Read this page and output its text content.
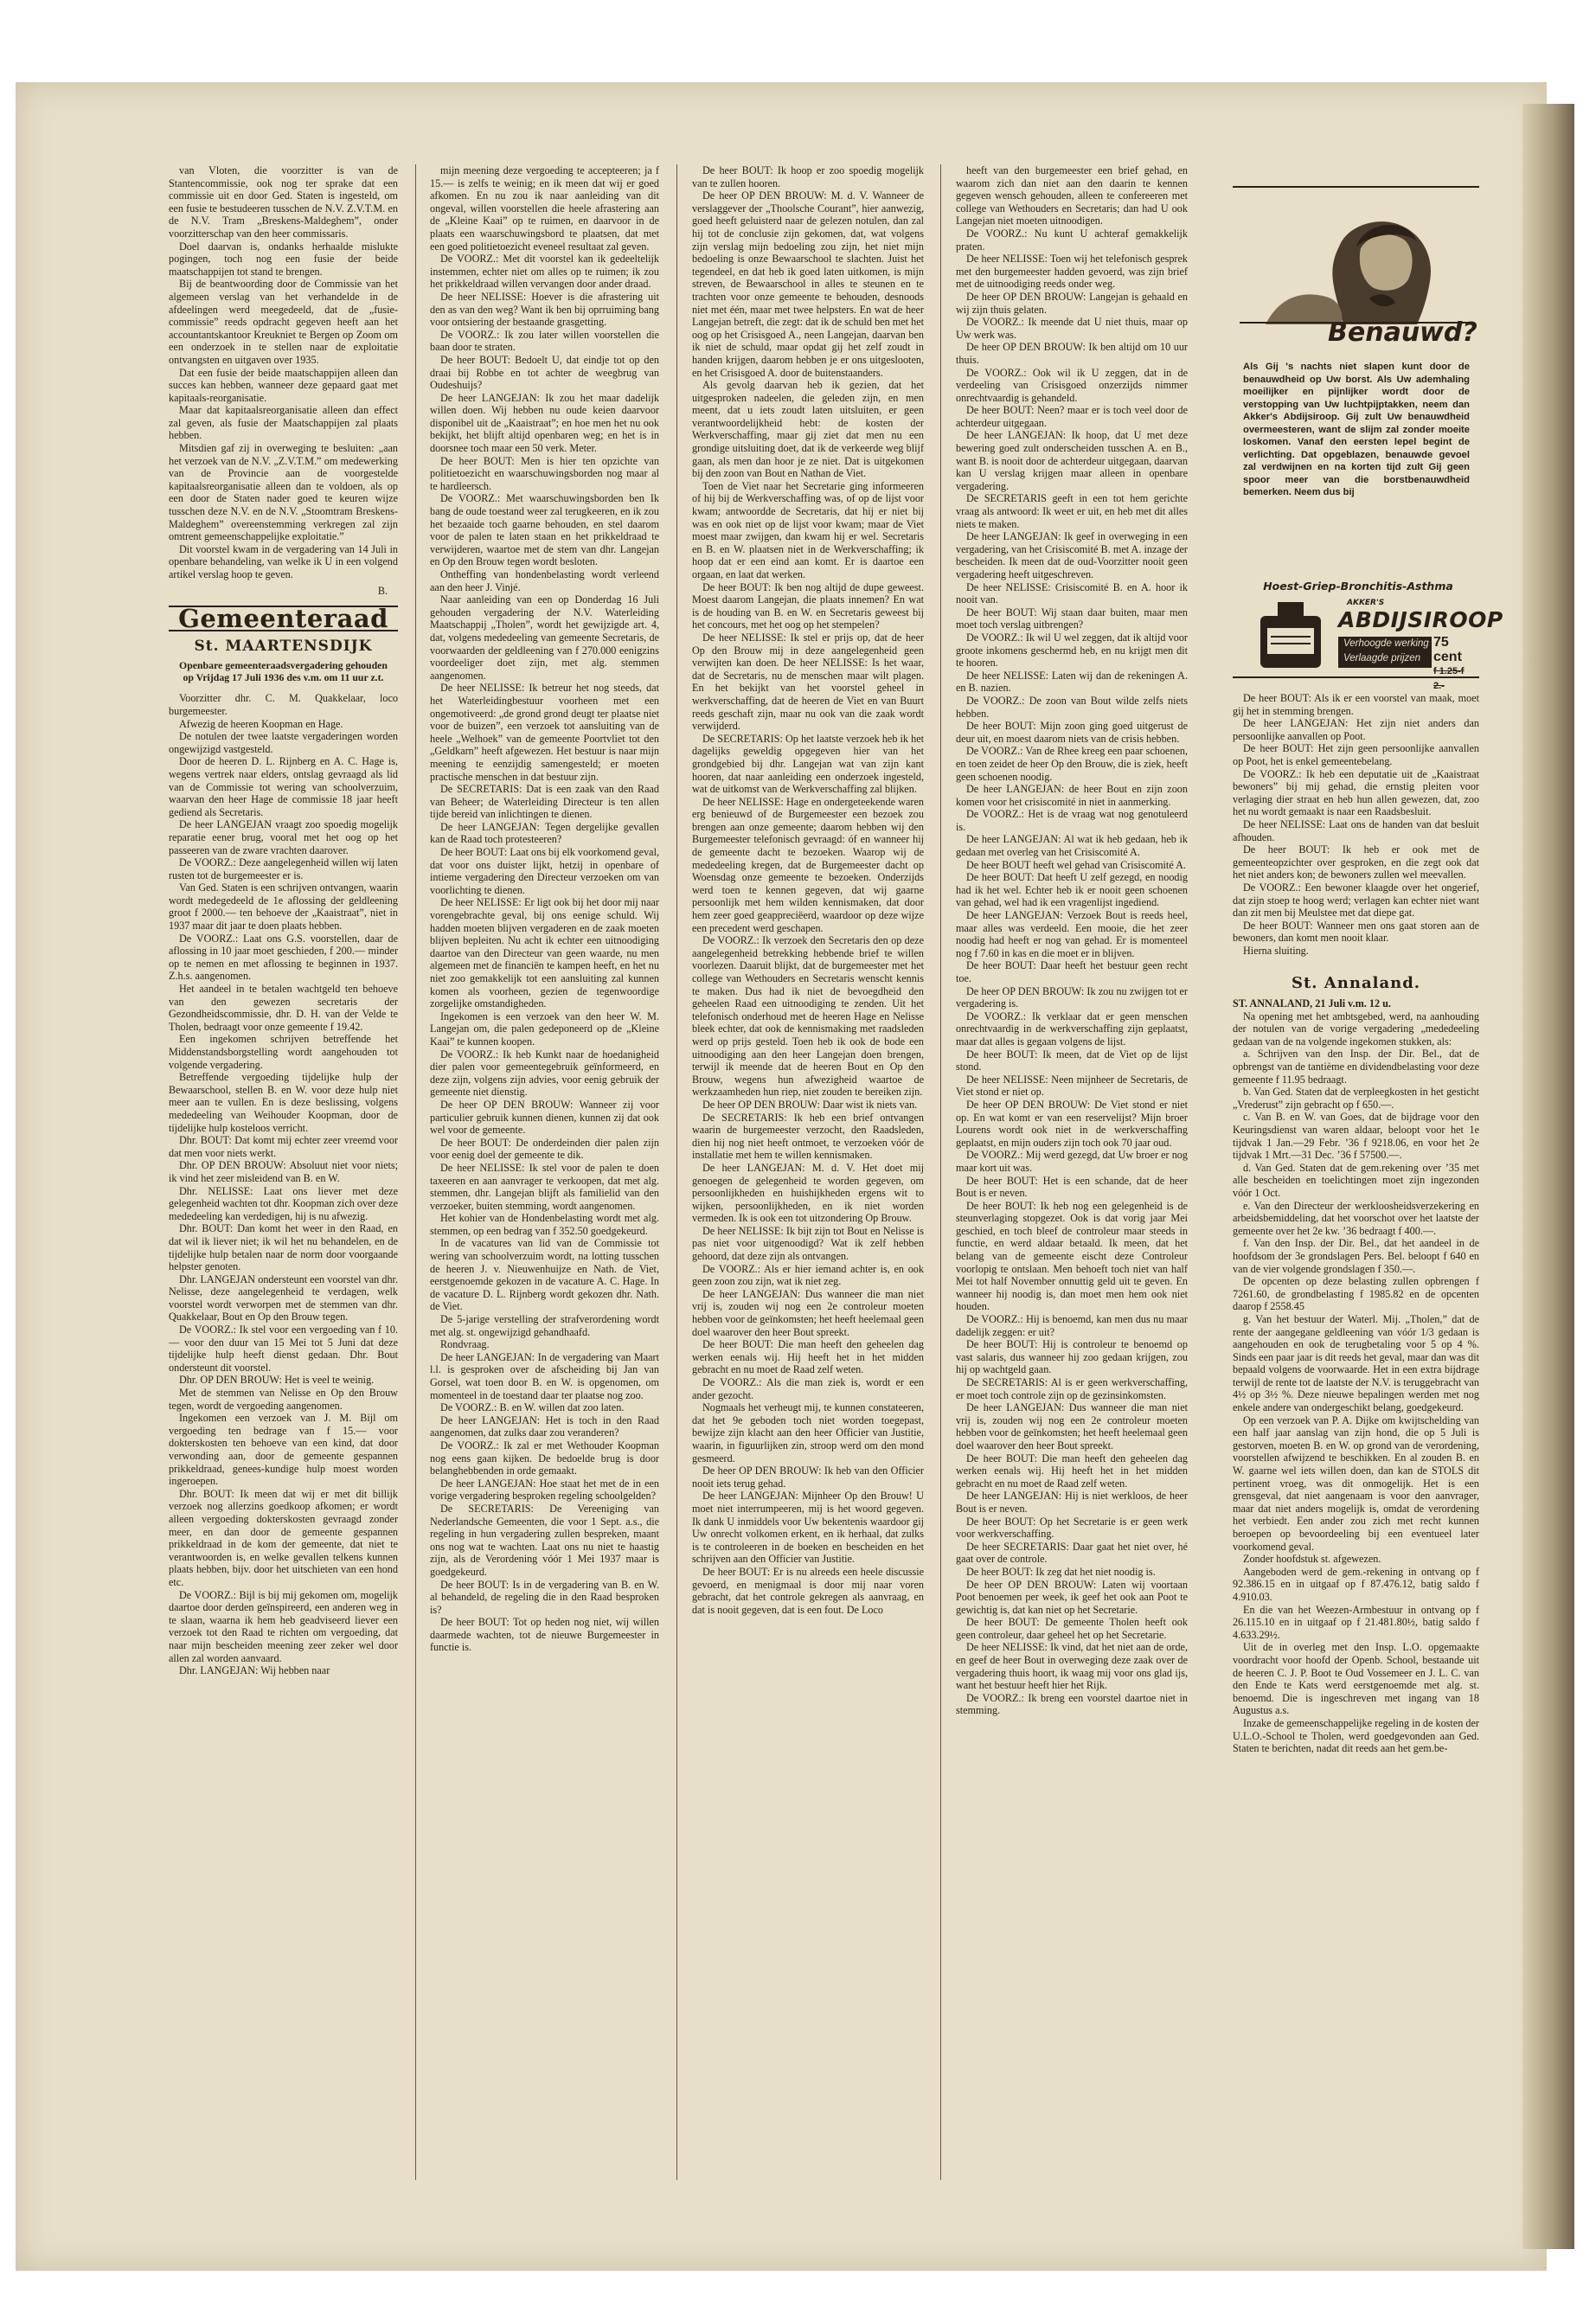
van Vloten, die voorzitter is van de Stantencommissie, ook nog ter sprake dat een commissie uit en door Ged. Staten is ingesteld, om een fusie te bestudeeren tusschen de N.V. Z.V.T.M. en de N.V. Tram „Breskens-Maldeghem”, onder voorzitterschap van den heer commissaris.

Doel daarvan is, ondanks herhaalde mislukte pogingen, toch nog een fusie der beide maatschappijen tot stand te brengen.

Bij de beantwoording door de Commissie van het algemeen verslag van het verhandelde in de afdeelingen werd meegedeeld, dat de „fusie-commissie” reeds opdracht gegeven heeft aan het accountantskantoor Kreukniet te Bergen op Zoom om een onderzoek in te stellen naar de exploitatie ontvangsten en uitgaven over 1935.

Dat een fusie der beide maatschappijen alleen dan succes kan hebben, wanneer deze gepaard gaat met kapitaals-reorganisatie.

Maar dat kapitaalsreorganisatie alleen dan effect zal geven, als fusie der Maatschappijen zal plaats hebben.

Mitsdien gaf zij in overweging te besluiten: „aan het verzoek van de N.V. „Z.V.T.M.” om medewerking van de Provincie aan de voorgestelde kapitaalsreorganisatie alleen dan te voldoen, als op een door de Staten nader goed te keuren wijze tusschen deze N.V. en de N.V. „Stoomtram Breskens-Maldeghem” overeenstemming verkregen zal zijn omtrent gemeenschappelijke exploitatie.”

Dit voorstel kwam in de vergadering van 14 Juli in openbare behandeling, van welke ik U in een volgend artikel verslag hoop te geven.

B.
Gemeenteraad
St. MAARTENSDIJK
Openbare gemeenteraadsvergadering gehouden op Vrijdag 17 Juli 1936 des v.m. om 11 uur z.t.

Voorzitter dhr. C. M. Quakkelaar, loco burgemeester.

Afwezig de heeren Koopman en Hage.

De notulen der twee laatste vergaderingen worden ongewijzigd vastgesteld.

Door de heeren D. L. Rijnberg en A. C. Hage is, wegens vertrek naar elders, ontslag gevraagd als lid van de Commissie tot wering van schoolverzuim, waarvan den heer Hage de commissie 18 jaar heeft gediend als Secretaris.

De heer LANGEJAN vraagt zoo spoedig mogelijk reparatie eener brug, vooral met het oog op het passeeren van de zware vrachten daarover.

De VOORZ.: Deze aangelegenheid willen wij laten rusten tot de burgemeester er is.

Van Ged. Staten is een schrijven ontvangen, waarin wordt medegedeeld de 1e aflossing der geldleening groot f 2000.— ten behoeve der „Kaaistraat”, niet in 1937 maar dit jaar te doen plaats hebben.

De VOORZ.: Laat ons G.S. voorstellen, daar de aflossing in 10 jaar moet geschieden, f 200.— minder op te nemen en met aflossing te beginnen in 1937. Z.h.s. aangenomen.

Het aandeel in te betalen wachtgeld ten behoeve van den gewezen secretaris der Gezondheidscommissie, dhr. D. H. van der Velde te Tholen, bedraagt voor onze gemeente f 19.42.

Een ingekomen schrijven betreffende het Middenstandsborgstelling wordt aangehouden tot volgende vergadering.

Betreffende vergoeding tijdelijke hulp der Bewaarschool, stellen B. en W. voor deze hulp niet meer aan te vullen. En is deze beslissing, volgens mededeeling van Weihouder Koopman, door de tijdelijke hulp kosteloos verricht.

Dhr. BOUT: Dat komt mij echter zeer vreemd voor dat men voor niets werkt.

Dhr. OP DEN BROUW: Absoluut niet voor niets; ik vind het zeer misleidend van B. en W.

Dhr. NELISSE: Laat ons liever met deze gelegenheid wachten tot dhr. Koopman zich over deze mededeeling kan verdedigen, hij is nu afwezig.

Dhr. BOUT: Dan komt het weer in den Raad, en dat wil ik liever niet; ik wil het nu behandelen, en de tijdelijke hulp betalen naar de norm door voorgaande helpster genoten.

Dhr. LANGEJAN ondersteunt een voorstel van dhr. Nelisse, deze aangelegenheid te verdagen, welk voorstel wordt verworpen met de stemmen van dhr. Quakkelaar, Bout en Op den Brouw tegen.

De VOORZ.: Ik stel voor een vergoeding van f 10.— voor den duur van 15 Mei tot 5 Juni dat deze tijdelijke hulp heeft dienst gedaan. Dhr. Bout ondersteunt dit voorstel.

Dhr. OP DEN BROUW: Het is veel te weinig.

Met de stemmen van Nelisse en Op den Brouw tegen, wordt de vergoeding aangenomen.

Ingekomen een verzoek van J. M. Bijl om vergoeding ten bedrage van f 15.— voor dokterskosten ten behoeve van een kind, dat door verwonding aan, door de gemeente gespannen prikkeldraad, genees-kundige hulp moest worden ingeroepen.

Dhr. BOUT: Ik meen dat wij er met dit billijk verzoek nog allerzins goedkoop afkomen; er wordt alleen vergoeding dokterskosten gevraagd zonder meer, en dan door de gemeente gespannen prikkeldraad in de kom der gemeente, dat niet te verantwoorden is, en welke gevallen telkens kunnen plaats hebben, bijv. door het uitschieten van een hond etc.

De VOORZ.: Bijl is bij mij gekomen om, mogelijk daartoe door derden geïnspireerd, een anderen weg in te slaan, waarna ik hem heb geadviseerd liever een verzoek tot den Raad te richten om vergoeding, dat naar mijn bescheiden meening zeer zeker wel door allen zal worden aanvaard.

Dhr. LANGEJAN: Wij hebben naar

mijn meening deze vergoeding te accepteeren; ja f 15.— is zelfs te weinig; en ik meen dat wij er goed afkomen. En nu zou ik naar aanleiding van dit ongeval, willen voorstellen die heele afrastering aan de „Kleine Kaai” op te ruimen, en daarvoor in de plaats een waarschuwingsbord te plaatsen, dat met een goed politietoezicht eveneel resultaat zal geven.

De VOORZ.: Met dit voorstel kan ik gedeeltelijk instemmen, echter niet om alles op te ruimen; ik zou het prikkeldraad willen vervangen door ander draad.

De heer NELISSE: Hoever is die afrastering uit den as van den weg? Want ik ben bij oprruiming bang voor ontsiering der bestaande grasgetting.

De VOORZ.: Ik zou later willen voorstellen die baan door te straten.

De heer BOUT: Bedoelt U, dat eindje tot op den draai bij Robbe en tot achter de weegbrug van Oudeshuijs?

De heer LANGEJAN: Ik zou het maar dadelijk willen doen. Wij hebben nu oude keien daarvoor disponibel uit de „Kaaistraat”; en hoe men het nu ook bekijkt, het blijft altijd openbaren weg; en het is in doorsnee toch maar een 50 verk. Meter.

De heer BOUT: Men is hier ten opzichte van politietoezicht en waarschuwingsborden nog maar al te hardleersch.

De VOORZ.: Met waarschuwingsborden ben Ik bang de oude toestand weer zal terugkeeren, en ik zou het bezaaide toch gaarne behouden, en stel daarom voor de palen te laten staan en het prikkeldraad te verwijderen, waartoe met de stem van dhr. Langejan en Op den Brouw tegen wordt besloten.

Ontheffing van hondenbelasting wordt verleend aan den heer J. Vinjé.

Naar aanleiding van een op Donderdag 16 Juli gehouden vergadering der N.V. Waterleiding Maatschappij „Tholen”, wordt het gewijzigde art. 4, dat, volgens mededeeling van gemeente Secretaris, de voorwaarden der geldleening van f 270.000 eenigzins voordeeliger doet zijn, met alg. stemmen aangenomen.

De heer NELISSE: Ik betreur het nog steeds, dat het Waterleidingbestuur voorheen met een ongemotiveerd: „de grond grond deugt ter plaatse niet voor de buizen”, een verzoek tot aansluiting van de heele „Welhoek” van de gemeente Poortvliet tot den „Geldkarn” heeft afgewezen. Het bestuur is naar mijn meening te eenzijdig samengesteld; er moeten practische menschen in dat bestuur zijn.

De SECRETARIS: Dat is een zaak van den Raad van Beheer; de Waterleiding Directeur is ten allen tijde bereid van inlichtingen te dienen.

De heer LANGEJAN: Tegen dergelijke gevallen kan de Raad toch protesteeren?

De heer BOUT: Laat ons bij elk voorkomend geval, dat voor ons duister lijkt, hetzij in openbare of intieme vergadering den Directeur verzoeken om van voorlichting te dienen.

De heer NELISSE: Er ligt ook bij het door mij naar vorengebrachte geval, bij ons eenige schuld. Wij hadden moeten blijven vergaderen en de zaak moeten blijven bepleiten. Nu acht ik echter een uitnoodiging daartoe van den Directeur van geen waarde, nu men algemeen met de financiën te kampen heeft, en het nu niet zoo gemakkelijk tot een aansluiting zal kunnen komen als voorheen, gezien de tegenwoordige zorgelijke omstandigheden.

Ingekomen is een verzoek van den heer W. M. Langejan om, die palen gedeponeerd op de „Kleine Kaai” te kunnen koopen.

De VOORZ.: Ik heb Kunkt naar de hoedanigheid dier palen voor gemeentegebruik geïnformeerd, en deze zijn, volgens zijn advies, voor eenig gebruik der gemeente niet dienstig.

De heer OP DEN BROUW: Wanneer zij voor particulier gebruik kunnen dienen, kunnen zij dat ook wel voor de gemeente.

De heer BOUT: De onderdeinden dier palen zijn voor eenig doel der gemeente te dik.

De heer NELISSE: Ik stel voor de palen te doen taxeeren en aan aanvrager te verkoopen, dat met alg. stemmen, dhr. Langejan blijft als familielid van den verzoeker, buiten stemming, wordt aangenomen.

Het kohier van de Hondenbelasting wordt met alg. stemmen, op een bedrag van f 352.50 goedgekeurd.

In de vacatures van lid van de Commissie tot wering van schoolverzuim wordt, na lotting tusschen de heeren J. v. Nieuwenhuijze en Nath. de Viet, eerstgenoemde gekozen in de vacature A. C. Hage. In de vacature D. L. Rijnberg wordt gekozen dhr. Nath. de Viet.

De 5-jarige verstelling der strafverordening wordt met alg. st. ongewijzigd gehandhaafd.

Rondvraag.

De heer LANGEJAN: In de vergadering van Maart l.l. is gesproken over de afscheiding bij Jan van Gorsel, wat toen door B. en W. is opgenomen, om momenteel in de toestand daar ter plaatse nog zoo.

De VOORZ.: B. en W. willen dat zoo laten.

De heer LANGEJAN: Het is toch in den Raad aangenomen, dat zulks daar zou veranderen?

De VOORZ.: Ik zal er met Wethouder Koopman nog eens gaan kijken. De bedoelde brug is door belanghebbenden in orde gemaakt.

De heer LANGEJAN: Hoe staat het met de in een vorige vergadering besproken regeling schoolgelden?

De SECRETARIS: De Vereeniging van Nederlandsche Gemeenten, die voor 1 Sept. a.s., die regeling in hun vergadering zullen bespreken, maant ons nog wat te wachten. Laat ons nu niet te haastig zijn, als de Verordening vóór 1 Mei 1937 maar is goedgekeurd.

De heer BOUT: Is in de vergadering van B. en W. al behandeld, de regeling die in den Raad besproken is?

De heer BOUT: Tot op heden nog niet, wij willen daarmede wachten, tot de nieuwe Burgemeester in functie is.

De heer BOUT: Ik hoop er zoo spoedig mogelijk van te zullen hooren.

De heer OP DEN BROUW: M. d. V. Wanneer de verslaggever der „Thoolsche Courant”, hier aanwezig, goed heeft geluisterd naar de gelezen notulen, dan zal hij tot de conclusie zijn gekomen, dat, wat volgens zijn verslag mijn bedoeling zou zijn, het niet mijn bedoeling is onze Bewaarschool te slachten. Juist het tegendeel, en dat heb ik goed laten uitkomen, is mijn streven, de Bewaarschool in alles te steunen en te trachten voor onze gemeente te behouden, desnoods niet met één, maar met twee helpsters. En wat de heer Langejan betreft, die zegt: dat ik de schuld ben met het oog op het Crisisgoed A., neen Langejan, daarvan ben ik niet de schuld, maar opdat gij het zelf zoudt in handen krijgen, daarom hebben je er ons uitgeslooten, en het Crisisgoed A. door de buitenstaanders.

Als gevolg daarvan heb ik gezien, dat het uitgesproken nadeelen, die geleden zijn, en men meent, dat u iets zoudt laten uitsluiten, er geen verantwoordelijkheid hebt: de kosten der Werkverschaffing, maar gij ziet dat men nu een grondige uitsluiting doet, dat ik de verkeerde weg blijf gaan, als men dan hoor je ze niet. Dat is uitgekomen bij den zoon van Bout en Nathan de Viet.

Toen de Viet naar het Secretarie ging informeeren of hij bij de Werkverschaffing was, of op de lijst voor kwam; antwoordde de Secretaris, dat hij er niet bij was en ook niet op de lijst voor kwam; maar de Viet moest maar zwijgen, dan kwam hij er wel. Secretaris en B. en W. plaatsen niet in de Werkverschaffing; ik hoop dat er een eind aan komt. Er is daartoe een orgaan, en laat dat werken.

De heer BOUT: Ik ben nog altijd de dupe geweest. Moest daarom Langejan, die plaats innemen? En wat is de houding van B. en W. en Secretaris geweest bij het concours, met het oog op het stempelen?

De heer NELISSE: Ik stel er prijs op, dat de heer Op den Brouw mij in deze aangelegenheid geen verwijten kan doen. De heer NELISSE: Is het waar, dat de Secretaris, nu de menschen maar wilt plagen. En het bekijkt van het voorstel geheel in werkverschaffing, dat de heeren de Viet en van Buurt reeds geschaft zijn, maar nu ook van die zaak wordt verwijderd.

De SECRETARIS: Op het laatste verzoek heb ik het dagelijks geweldig opgegeven hier van het grondgebied bij dhr. Langejan wat van zijn kant hooren, dat naar aanleiding een onderzoek ingesteld, wat de uitkomst van de Werkverschaffing zal blijken.

De heer NELISSE: Hage en ondergeteekende waren erg benieuwd of de Burgemeester een bezoek zou brengen aan onze gemeente; daarom hebben wij den Burgemeester telefonisch gevraagd: óf en wanneer hij de gemeente dacht te bezoeken. Waarop wij de mededeeling kregen, dat de Burgemeester dacht op Woensdag onze gemeente te bezoeken. Onderzijds werd toen te kennen gegeven, dat wij gaarne persoonlijk met hem wilden kennismaken, dat door hem zeer goed geappreciëerd, waardoor op deze wijze een precedent werd geschapen.

De VOORZ.: Ik verzoek den Secretaris den op deze aangelegenheid betrekking hebbende brief te willen voorlezen. Daaruit blijkt, dat de burgemeester met het college van Wethouders en Secretaris wenscht kennis te maken. Dus had ik niet de bevoegdheid den geheelen Raad een uitnoodiging te zenden. Uit het telefonisch onderhoud met de heeren Hage en Nelisse bleek echter, dat ook de kennismaking met raadsleden werd op prijs gesteld. Toen heb ik ook de bode een uitnoodiging aan den heer Langejan doen brengen, terwijl ik meende dat de heeren Bout en Op den Brouw, wegens hun afwezigheid waartoe de werkzaamheden hun riep, niet zouden te bereiken zijn.

De heer OP DEN BROUW: Daar wist ik niets van.

De SECRETARIS: Ik heb een brief ontvangen waarin de burgemeester verzocht, den Raadsleden, dien hij nog niet heeft ontmoet, te verzoeken vóór de installatie met hem te willen kennismaken.

De heer LANGEJAN: M. d. V. Het doet mij genoegen de gelegenheid te worden gegeven, om persoonlijkheden en huishijkheden ergens wit to wijken, persoonlijkheden, en ik niet worden vermeden. Ik is ook een tot uitzondering Op Brouw.

De heer NELISSE: Ik bijt zijn tot Bout en Nelisse is pas niet voor uitgenoodigd? Wat ik zelf hebben gehoord, dat deze zijn als ontvangen.

De VOORZ.: Als er hier iemand achter is, en ook geen zoon zou zijn, wat ik niet zeg.

De heer LANGEJAN: Dus wanneer die man niet vrij is, zouden wij nog een 2e controleur moeten hebben voor de geïnkomsten; het heeft heelemaal geen doel waarover den heer Bout spreekt.

De heer BOUT: Die man heeft den geheelen dag werken eenals wij. Hij heeft het in het midden gebracht en nu moet de Raad zelf weten.

De VOORZ.: Als die man ziek is, wordt er een ander gezocht.

Nogmaals het verheugt mij, te kunnen constateeren, dat het 9e geboden toch niet worden toegepast, bewijze zijn klacht aan den heer Officier van Justitie, waarin, in figuurlijken zin, stroop werd om den mond gesmeerd.

De heer OP DEN BROUW: Ik heb van den Officier nooit iets terug gehad.

De heer LANGEJAN: Mijnheer Op den Brouw! U moet niet interrumpeeren, mij is het woord gegeven. Ik dank U inmiddels voor Uw bekentenis waardoor gij Uw onrecht volkomen erkent, en ik herhaal, dat zulks is te controleeren in de boeken en bescheiden en het schrijven aan den Officier van Justitie.

De heer BOUT: Er is nu alreeds een heele discussie gevoerd, en menigmaal is door mij naar voren gebracht, dat het controle gekregen als aanvraag, en dat is nooit gegeven, dat is een fout. De Loco

heeft van den burgemeester een brief gehad, en waarom zich dan niet aan den daarin te kennen gegeven wensch gehouden, alleen te confereeren met college van Wethouders en Secretaris; dan had U ook Langejan niet moeten uitnoodigen.

De VOORZ.: Nu kunt U achteraf gemakkelijk praten.

De heer NELISSE: Toen wij het telefonisch gesprek met den burgemeester hadden gevoerd, was zijn brief met de uitnoodiging reeds onder weg.

De heer OP DEN BROUW: Langejan is gehaald en wij zijn thuis gelaten.

De VOORZ.: Ik meende dat U niet thuis, maar op Uw werk was.

De heer OP DEN BROUW: Ik ben altijd om 10 uur thuis.

De VOORZ.: Ook wil ik U zeggen, dat in de verdeeling van Crisisgoed onzerzijds nimmer onrechtvaardig is gehandeld.

De heer BOUT: Neen? maar er is toch veel door de achterdeur uitgegaan.

De heer LANGEJAN: Ik hoop, dat U met deze bewering goed zult onderscheiden tusschen A. en B., want B. is nooit door de achterdeur uitgegaan, daarvan kan U verslag krijgen maar alleen in openbare vergadering.

De SECRETARIS geeft in een tot hem gerichte vraag als antwoord: Ik weet er uit, en heb met dit alles niets te maken.

De heer LANGEJAN: Ik geef in overweging in een vergadering, van het Crisiscomité B. met A. inzage der bescheiden. Ik meen dat de oud-Voorzitter nooit geen vergadering heeft uitgeschreven.

De heer NELISSE: Crisiscomité B. en A. hoor ik nooit van.

De heer BOUT: Wij staan daar buiten, maar men moet toch verslag uitbrengen?

De VOORZ.: Ik wil U wel zeggen, dat ik altijd voor groote inkomens geschermd heb, en nu krijgt men dit te hooren.

De heer NELISSE: Laten wij dan de rekeningen A. en B. nazien.

De VOORZ.: De zoon van Bout wilde zelfs niets hebben.

De heer BOUT: Mijn zoon ging goed uitgerust de deur uit, en moest daarom niets van de crisis hebben.

De VOORZ.: Van de Rhee kreeg een paar schoenen, en toen zeidet de heer Op den Brouw, die is ziek, heeft geen schoenen noodig.

De heer LANGEJAN: de heer Bout en zijn zoon komen voor het crisiscomité in niet in aanmerking.

De VOORZ.: Het is de vraag wat nog genotuleerd is.

De heer LANGEJAN: Al wat ik heb gedaan, heb ik gedaan met overleg van het Crisiscomité A.

De heer BOUT heeft wel gehad van Crisiscomité A.

De heer BOUT: Dat heeft U zelf gezegd, en noodig had ik het wel. Echter heb ik er nooit geen schoenen van gehad, wel had ik een vragenlijst ingediend.

De heer LANGEJAN: Verzoek Bout is reeds heel, maar alles was verdeeld. Een mooie, die het zeer noodig had heeft er nog van gehad. Er is momenteel nog f 7.60 in kas en die moet er in blijven.

De heer BOUT: Daar heeft het bestuur geen recht toe.

De heer OP DEN BROUW: Ik zou nu zwijgen tot er vergadering is.

De VOORZ.: Ik verklaar dat er geen menschen onrechtvaardig in de werkverschaffing zijn geplaatst, maar dat alles is gegaan volgens de lijst.

De heer BOUT: Ik meen, dat de Viet op de lijst stond.

De heer NELISSE: Neen mijnheer de Secretaris, de Viet stond er niet op.

De heer OP DEN BROUW: De Viet stond er niet op. En wat komt er van een reservelijst? Mijn broer Lourens wordt ook niet in de werkverschaffing geplaatst, en mijn ouders zijn toch ook 70 jaar oud.

De VOORZ.: Mij werd gezegd, dat Uw broer er nog maar kort uit was.

De heer BOUT: Het is een schande, dat de heer Bout is er neven.

De heer BOUT: Ik heb nog een gelegenheid is de steunverlaging stopgezet. Ook is dat vorig jaar Mei geschied, en toch bleef de controleur maar steeds in functie, en werd aldaar betaald. Ik meen, dat het belang van de gemeente eischt deze Controleur voorlopig te ontslaan. Men behoeft toch niet van half Mei tot half November onnuttig geld uit te geven. En wanneer hij noodig is, dan moet men hem ook niet houden.

De VOORZ.: Hij is benoemd, kan men dus nu maar dadelijk zeggen: er uit?

De heer BOUT: Hij is controleur te benoemd op vast salaris, dus wanneer hij zoo gedaan krijgen, zou hij op wachtgeld gaan.

De SECRETARIS: Al is er geen werkverschaffing, er moet toch controle zijn op de gezinsinkomsten.

De heer LANGEJAN: Dus wanneer die man niet vrij is, zouden wij nog een 2e controleur moeten hebben voor de geïnkomsten; het heeft heelemaal geen doel waarover den heer Bout spreekt.

De heer BOUT: Die man heeft den geheelen dag werken eenals wij. Hij heeft het in het midden gebracht en nu moet de Raad zelf weten.

De heer LANGEJAN: Hij is niet werkloos, de heer Bout is er neven.

De heer BOUT: Op het Secretarie is er geen werk voor werkverschaffing.

De heer SECRETARIS: Daar gaat het niet over, hé gaat over de controle.

De heer BOUT: Ik zeg dat het niet noodig is.

De heer OP DEN BROUW: Laten wij voortaan Poot benoemen per week, ik geef het ook aan Poot te gewichtig is, dat kan niet op het Secretarie.

De heer BOUT: De gemeente Tholen heeft ook geen controleur, daar geheel het op het Secretarie.

De heer NELISSE: Ik vind, dat het niet aan de orde, en geef de heer Bout in overweging deze zaak over de vergadering thuis hoort, ik waag mij voor ons glad ijs, want het bestuur heeft hier het Rijk.

De VOORZ.: Ik breng een voorstel daartoe niet in stemming.

Benauwd?
Als Gij 's nachts niet slapen kunt door de benauwdheid op Uw borst. Als Uw ademhaling moeilijker en pijnlijker wordt door de verstopping van Uw luchtpijptakken, neem dan Akker's Abdijsiroop. Gij zult Uw benauwdheid overmeesteren, want de slijm zal zonder moeite loskomen. Vanaf den eersten lepel begint de verlichting. Dat opgeblazen, benauwde gevoel zal verdwijnen en na korten tijd zult Gij geen spoor meer van die borstbenauwdheid bemerken. Neem dus bij
Hoest-Griep-Bronchitis-Asthma
AKKER'S
ABDIJSIROOP
Verhoogde werking
Verlaagde prijzen
75 cent
f 1.25-f 2.-

De heer BOUT: Als ik er een voorstel van maak, moet gij het in stemming brengen.

De heer LANGEJAN: Het zijn niet anders dan persoonlijke aanvallen op Poot.

De heer BOUT: Het zijn geen persoonlijke aanvallen op Poot, het is enkel gemeentebelang.

De VOORZ.: Ik heb een deputatie uit de „Kaaistraat bewoners” bij mij gehad, die ernstig pleiten voor verlaging dier straat en heb hun allen gewezen, dat, zoo het nu wordt gemaakt is naar een Raadsbesluit.

De heer NELISSE: Laat ons de handen van dat besluit afhouden.

De heer BOUT: Ik heb er ook met de gemeenteopzichter over gesproken, en die zegt ook dat het niet anders kon; de bewoners zullen wel meevallen.

De VOORZ.: Een bewoner klaagde over het ongerief, dat zijn stoep te hoog werd; verlagen kan echter niet want dan zit men bij Meulstee met dat diepe gat.

De heer BOUT: Wanneer men ons gaat storen aan de bewoners, dan komt men nooit klaar.

Hierna sluiting.

St. Annaland.

ST. ANNALAND, 21 Juli v.m. 12 u.

Na opening met het ambtsgebed, werd, na aanhouding der notulen van de vorige vergadering „mededeeling gedaan van de na volgende ingekomen stukken, als:

a. Schrijven van den Insp. der Dir. Bel., dat de opbrengst van de tantième en dividendbelasting voor deze gemeente f 11.95 bedraagt.

b. Van Ged. Staten dat de verpleegkosten in het gesticht „Vrederust” zijn gebracht op f 650.—.

c. Van B. en W. van Goes, dat de bijdrage voor den Keuringsdienst van waren aldaar, beloopt voor het 1e tijdvak 1 Jan.—29 Febr. ’36 f 9218.06, en voor het 2e tijdvak 1 Mrt.—31 Dec. ’36 f 57500.—.

d. Van Ged. Staten dat de gem.rekening over ’35 met alle bescheiden en toelichtingen moet zijn ingezonden vóór 1 Oct.

e. Van den Directeur der werkloosheidsverzekering en arbeidsbemiddeling, dat het voorschot over het laatste der gemeente over het 2e kw. ’36 bedraagt f 400.—.

f. Van den Insp. der Dir. Bel., dat het aandeel in de hoofdsom der 3e grondslagen Pers. Bel. beloopt f 640 en van de vier volgende grondslagen f 350.—.

De opcenten op deze belasting zullen opbrengen f 7261.60, de grondbelasting f 1985.82 en de opcenten daarop f 2558.45

g. Van het bestuur der Waterl. Mij. „Tholen,” dat de rente der aangegane geldleening van vóór 1/3 gedaan is aangehouden en ook de terugbetaling voor 5 op 4 %. Sinds een paar jaar is dit reeds het geval, maar dan was dit bepaald volgens de voorwaarde. Het in een extra bijdrage terwijl de rente tot de laatste der N.V. is teruggebracht van 4½ op 3½ %. Deze nieuwe bepalingen werden met nog enkele andere van ondergeschikt belang, goedgekeurd.

Op een verzoek van P. A. Dijke om kwijtschelding van een half jaar aanslag van zijn hond, die op 5 Juli is gestorven, moeten B. en W. op grond van de verordening, voorstellen afwijzend te beschikken. En al zouden B. en W. gaarne wel iets willen doen, dan kan de STOLS dit pertinent vroeg, was dit onmogelijk. Het is een grensgeval, dat niet aangenaam is voor den aanvrager, maar dat niet anders mogelijk is, omdat de verordening het verbiedt. Een ander zou zich met recht kunnen beroepen op bevoordeeling bij een eventueel later voorkomend geval.

Zonder hoofdstuk st. afgewezen.

Aangeboden werd de gem.-rekening in ontvang op f 92.386.15 en in uitgaaf op f 87.476.12, batig saldo f 4.910.03.

En die van het Weezen-Armbestuur in ontvang op f 26.115.10 en in uitgaaf op f 21.481.80½, batig saldo f 4.633.29½.

Uit de in overleg met den Insp. L.O. opgemaakte voordracht voor hoofd der Openb. School, bestaande uit de heeren C. J. P. Boot te Oud Vossemeer en J. L. C. van den Ende te Kats werd eerstgenoemde met alg. st. benoemd. Die is ingeschreven met ingang van 18 Augustus a.s.

Inzake de gemeenschappelijke regeling in de kosten der U.L.O.-School te Tholen, werd goedgevonden aan Ged. Staten te berichten, nadat dit reeds aan het gem.be-
